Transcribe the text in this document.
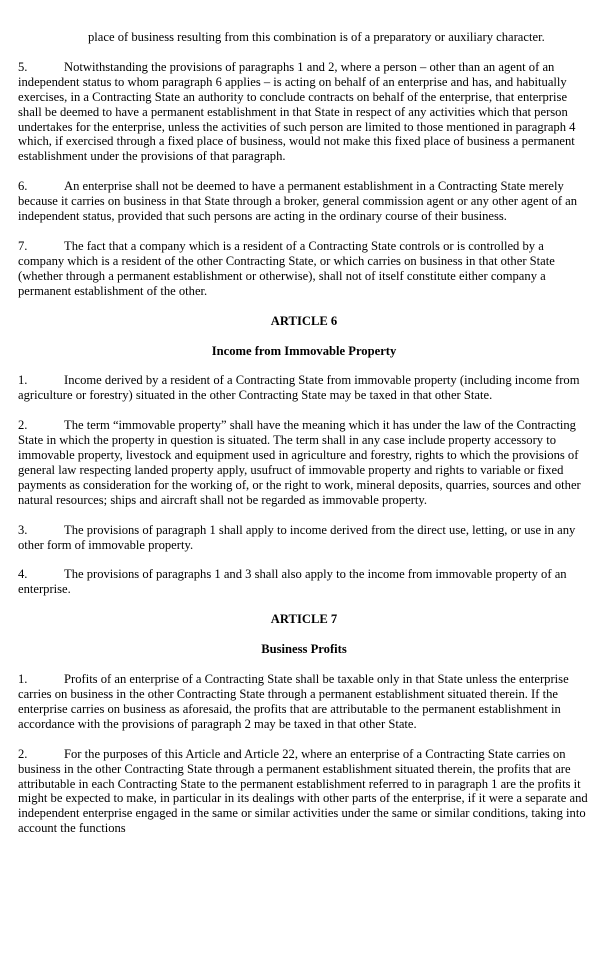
place of business resulting from this combination is of a preparatory or auxiliary character.

5.	Notwithstanding the provisions of paragraphs 1 and 2, where a person – other than an agent of an independent status to whom paragraph 6 applies – is acting on behalf of an enterprise and has, and habitually exercises, in a Contracting State an authority to conclude contracts on behalf of the enterprise, that enterprise shall be deemed to have a permanent establishment in that State in respect of any activities which that person undertakes for the enterprise, unless the activities of such person are limited to those mentioned in paragraph 4 which, if exercised through a fixed place of business, would not make this fixed place of business a permanent establishment under the provisions of that paragraph.
6.	An enterprise shall not be deemed to have a permanent establishment in a Contracting State merely because it carries on business in that State through a broker, general commission agent or any other agent of an independent status, provided that such persons are acting in the ordinary course of their business.
7.	The fact that a company which is a resident of a Contracting State controls or is controlled by a company which is a resident of the other Contracting State, or which carries on business in that other State (whether through a permanent establishment or otherwise), shall not of itself constitute either company a permanent establishment of the other.
ARTICLE 6
Income from Immovable Property
1.	Income derived by a resident of a Contracting State from immovable property (including income from agriculture or forestry) situated in the other Contracting State may be taxed in that other State.
2.	The term “immovable property” shall have the meaning which it has under the law of the Contracting State in which the property in question is situated. The term shall in any case include property accessory to immovable property, livestock and equipment used in agriculture and forestry, rights to which the provisions of general law respecting landed property apply, usufruct of immovable property and rights to variable or fixed payments as consideration for the working of, or the right to work, mineral deposits, quarries, sources and other natural resources; ships and aircraft shall not be regarded as immovable property.
3.	The provisions of paragraph 1 shall apply to income derived from the direct use, letting, or use in any other form of immovable property.
4.	The provisions of paragraphs 1 and 3 shall also apply to the income from immovable property of an enterprise.
ARTICLE 7
Business Profits
1.	Profits of an enterprise of a Contracting State shall be taxable only in that State unless the enterprise carries on business in the other Contracting State through a permanent establishment situated therein. If the enterprise carries on business as aforesaid, the profits that are attributable to the permanent establishment in accordance with the provisions of paragraph 2 may be taxed in that other State.
2.	For the purposes of this Article and Article 22, where an enterprise of a Contracting State carries on business in the other Contracting State through a permanent establishment situated therein, the profits that are attributable in each Contracting State to the permanent establishment referred to in paragraph 1 are the profits it might be expected to make, in particular in its dealings with other parts of the enterprise, if it were a separate and independent enterprise engaged in the same or similar activities under the same or similar conditions, taking into account the functions
